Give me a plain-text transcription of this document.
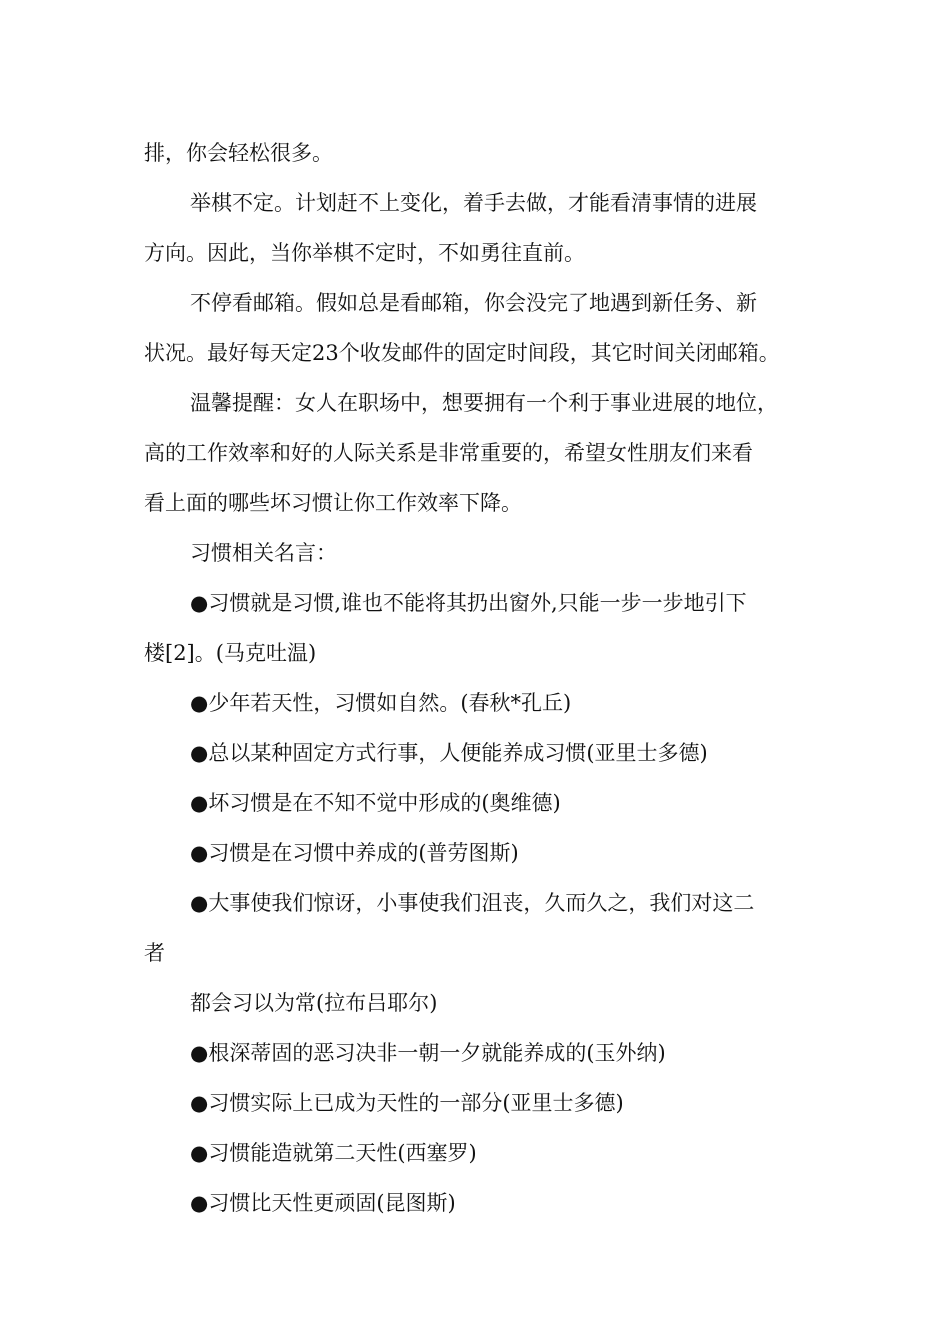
排，你会轻松很多。
举棋不定。计划赶不上变化，着手去做，才能看清事情的进展
方向。因此，当你举棋不定时，不如勇往直前。
不停看邮箱。假如总是看邮箱，你会没完了地遇到新任务、新
状况。最好每天定23个收发邮件的固定时间段，其它时间关闭邮箱。
温馨提醒：女人在职场中，想要拥有一个利于事业进展的地位，
高的工作效率和好的人际关系是非常重要的，希望女性朋友们来看
看上面的哪些坏习惯让你工作效率下降。
习惯相关名言：
●习惯就是习惯,谁也不能将其扔出窗外,只能一步一步地引下
楼[2]。(马克吐温)
●少年若天性，习惯如自然。(春秋*孔丘)
●总以某种固定方式行事，人便能养成习惯(亚里士多德)
●坏习惯是在不知不觉中形成的(奥维德)
●习惯是在习惯中养成的(普劳图斯)
●大事使我们惊讶，小事使我们沮丧，久而久之，我们对这二
者
都会习以为常(拉布吕耶尔)
●根深蒂固的恶习决非一朝一夕就能养成的(玉外纳)
●习惯实际上已成为天性的一部分(亚里士多德)
●习惯能造就第二天性(西塞罗)
●习惯比天性更顽固(昆图斯)
